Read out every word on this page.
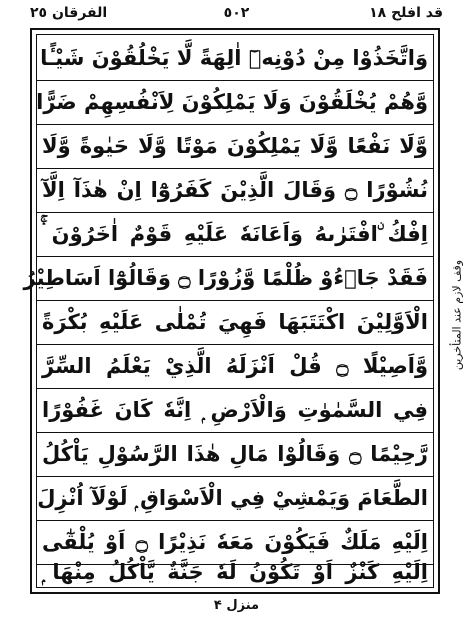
قد افلح ١٨
٥٠٢
الفرقان ٢٥
وَاتَّخَذُوْا مِنْ دُوْنِهٖٓ اٰلِهَةً لَّا يَخْلُقُوْنَ شَيْـًٔا
وَّهُمْ يُخْلَقُوْنَ وَلَا يَمْلِكُوْنَ لِاَنْفُسِهِمْ ضَرًّا
وَّلَا نَفْعًا وَّلَا يَمْلِكُوْنَ مَوْتًا وَّلَا حَيٰوةً وَّلَا
نُشُوْرًا ۝ وَقَالَ الَّذِيْنَ كَفَرُوْٓا اِنْ هٰذَآ اِلَّآ
اِفْكُ ۨافْتَرٰىهُ وَاَعَانَهٗ عَلَيْهِ قَوْمٌ اٰخَرُوْنَ ۛۚ
فَقَدْ جَاۗءُوْ ظُلْمًا وَّزُوْرًا ۝ وَقَالُوْٓا اَسَاطِيْرُ
الْاَوَّلِيْنَ اكْتَتَبَهَا فَهِيَ تُمْلٰى عَلَيْهِ بُكْرَةً
وَّاَصِيْلًا ۝ قُلْ اَنْزَلَهُ الَّذِيْ يَعْلَمُ السِّرَّ
فِي السَّمٰوٰتِ وَالْاَرْضِ ۭ اِنَّهٗ كَانَ غَفُوْرًا
رَّحِيْمًا ۝ وَقَالُوْا مَالِ هٰذَا الرَّسُوْلِ يَاْكُلُ
الطَّعَامَ وَيَمْشِيْ فِي الْاَسْوَاقِ ۭ لَوْلَآ اُنْزِلَ
اِلَيْهِ مَلَكٌ فَيَكُوْنَ مَعَهٗ نَذِيْرًا ۝ اَوْ يُلْقٰٓى
اِلَيْهِ كَنْزٌ اَوْ تَكُوْنُ لَهٗ جَنَّةٌ يَّاْكُلُ مِنْهَا ۭ
وقف لازم عند المتأخرين
منزل ۴
